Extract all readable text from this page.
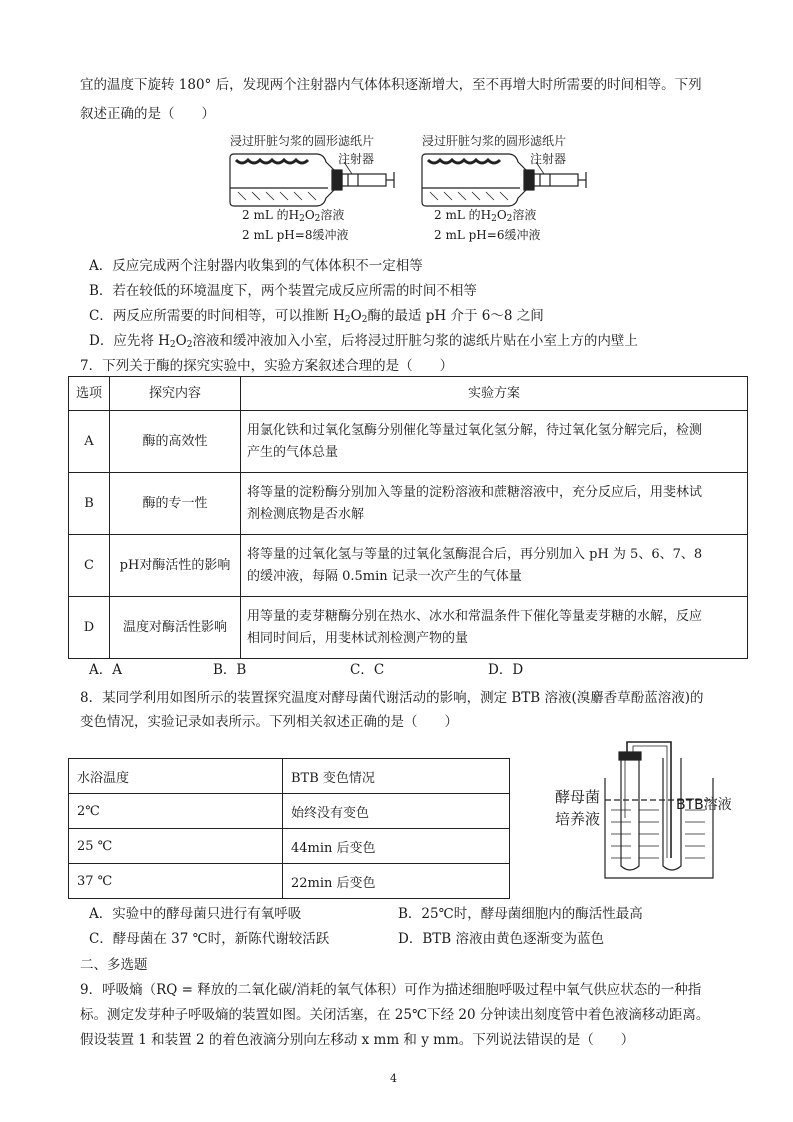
宜的温度下旋转 180° 后，发现两个注射器内气体体积逐渐增大，至不再增大时所需要的时间相等。下列
叙述正确的是（　　）
浸过肝脏匀浆的圆形滤纸片	浸过肝脏匀浆的圆形滤纸片
注射器	注射器
2 mL 的$H_2O_2$溶液	2 mL 的$H_2O_2$溶液
2 mL pH=8缓冲液	2 mL pH=6缓冲液
A．反应完成两个注射器内收集到的气体体积不一定相等
B．若在较低的环境温度下，两个装置完成反应所需的时间不相等
C．两反应所需要的时间相等，可以推断 $H_2O_2$酶的最适 pH 介于 6～8 之间
D．应先将 $H_2O_2$溶液和缓冲液加入小室，后将浸过肝脏匀浆的滤纸片贴在小室上方的内壁上
7．下列关于酶的探究实验中，实验方案叙述合理的是（　　）
选项	探究内容	实验方案
A	酶的高效性	用氯化铁和过氧化氢酶分别催化等量过氧化氢分解，待过氧化氢分解完后，检测
产生的气体总量

B	酶的专一性	将等量的淀粉酶分别加入等量的淀粉溶液和蔗糖溶液中，充分反应后，用斐林试
剂检测底物是否水解

C	pH对酶活性的影响	将等量的过氧化氢与等量的过氧化氢酶混合后，再分别加入 pH 为 5、6、7、8
的缓冲液，每隔 0.5min 记录一次产生的气体量

D	温度对酶活性影响	用等量的麦芽糖酶分别在热水、冰水和常温条件下催化等量麦芽糖的水解，反应
相同时间后，用斐林试剂检测产物的量
A．A	B．B	C．C	D．D
8．某同学利用如图所示的装置探究温度对酵母菌代谢活动的影响，测定 BTB 溶液(溴麝香草酚蓝溶液)的
变色情况，实验记录如表所示。下列相关叙述正确的是（　　）
水浴温度	BTB 变色情况
2℃	始终没有变色
25 ℃	44min 后变色
37 ℃	22min 后变色
酵母菌
培养液
BTB溶液
A．实验中的酵母菌只进行有氧呼吸	B．25℃时，酵母菌细胞内的酶活性最高
C．酵母菌在 37 ℃时，新陈代谢较活跃	D．BTB 溶液由黄色逐渐变为蓝色
二、多选题
9．呼吸熵（RQ = 释放的二氧化碳/消耗的氧气体积）可作为描述细胞呼吸过程中氧气供应状态的一种指
标。测定发芽种子呼吸熵的装置如图。关闭活塞，在 25℃下经 20 分钟读出刻度管中着色液滴移动距离。
假设装置 1 和装置 2 的着色液滴分别向左移动 x mm 和 y mm。下列说法错误的是（　　）
4
